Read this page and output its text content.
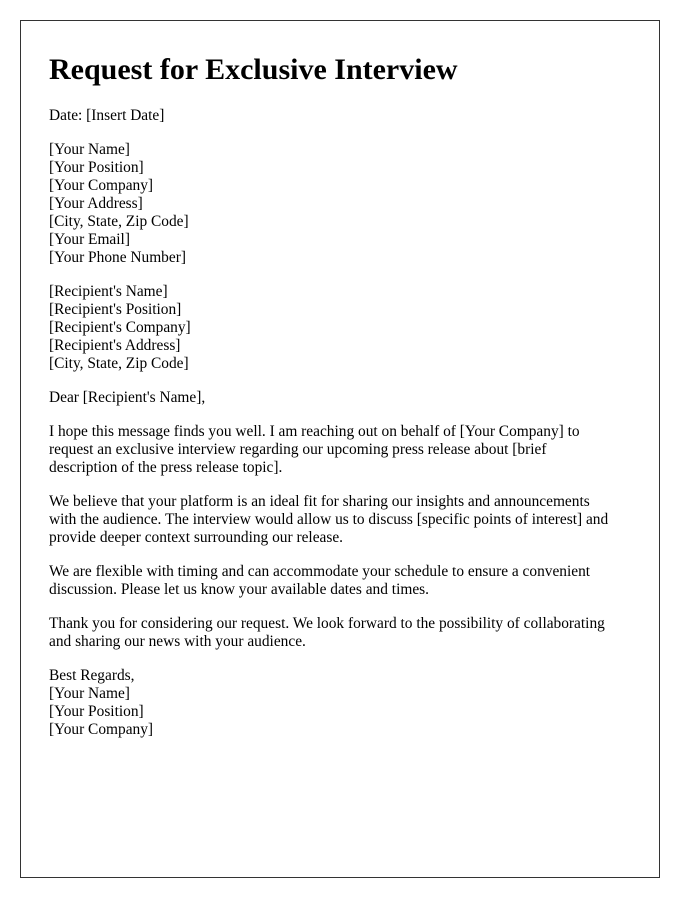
Request for Exclusive Interview
Date: [Insert Date]
[Your Name]
[Your Position]
[Your Company]
[Your Address]
[City, State, Zip Code]
[Your Email]
[Your Phone Number]
[Recipient's Name]
[Recipient's Position]
[Recipient's Company]
[Recipient's Address]
[City, State, Zip Code]
Dear [Recipient's Name],
I hope this message finds you well. I am reaching out on behalf of [Your Company] to
request an exclusive interview regarding our upcoming press release about [brief
description of the press release topic].
We believe that your platform is an ideal fit for sharing our insights and announcements
with the audience. The interview would allow us to discuss [specific points of interest] and
provide deeper context surrounding our release.
We are flexible with timing and can accommodate your schedule to ensure a convenient
discussion. Please let us know your available dates and times.
Thank you for considering our request. We look forward to the possibility of collaborating
and sharing our news with your audience.
Best Regards,
[Your Name]
[Your Position]
[Your Company]
